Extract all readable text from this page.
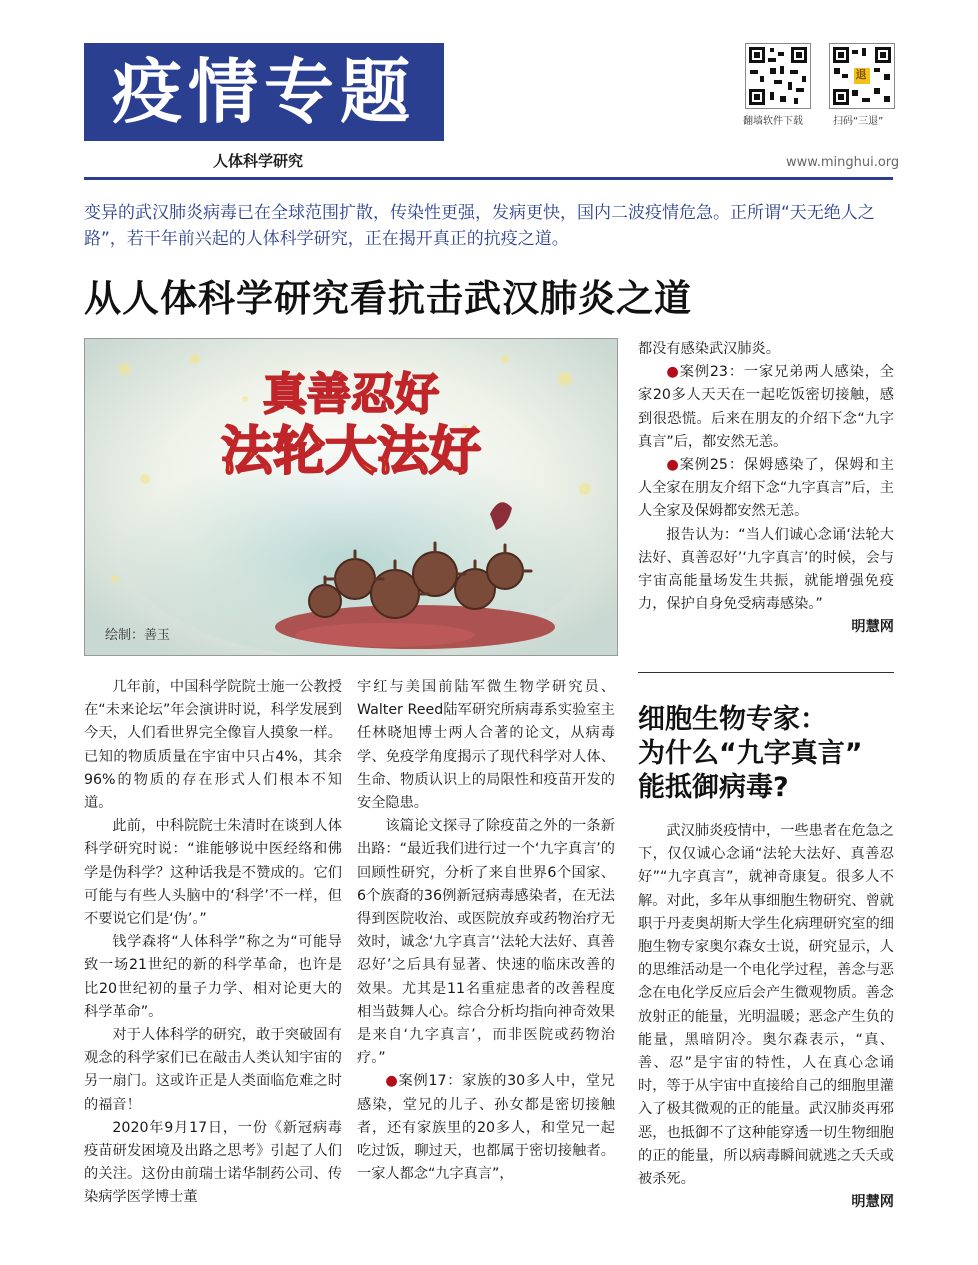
疫情专题
人体科学研究
翻墙软件下载
退
扫码“三退”
www.minghui.org
变异的武汉肺炎病毒已在全球范围扩散，传染性更强，发病更快，国内二波疫情危急。正所谓“天无绝人之路”，若干年前兴起的人体科学研究，正在揭开真正的抗疫之道。
从人体科学研究看抗击武汉肺炎之道
真善忍好
法轮大法好
绘制：善玉

几年前，中国科学院院士施一公教授在“未来论坛”年会演讲时说，科学发展到今天，人们看世界完全像盲人摸象一样。已知的物质质量在宇宙中只占4%，其余96%的物质的存在形式人们根本不知道。

此前，中科院院士朱清时在谈到人体科学研究时说：“谁能够说中医经络和佛学是伪科学？这种话我是不赞成的。它们可能与有些人头脑中的‘科学’不一样，但不要说它们是‘伪’。”

钱学森将“人体科学”称之为“可能导致一场21世纪的新的科学革命，也许是比20世纪初的量子力学、相对论更大的科学革命”。

对于人体科学的研究，敢于突破固有观念的科学家们已在敲击人类认知宇宙的另一扇门。这或许正是人类面临危难之时的福音！

2020年9月17日，一份《新冠病毒疫苗研发困境及出路之思考》引起了人们的关注。这份由前瑞士诺华制药公司、传染病学医学博士董

宇红与美国前陆军微生物学研究员、Walter Reed陆军研究所病毒系实验室主任林晓旭博士两人合著的论文，从病毒学、免疫学角度揭示了现代科学对人体、生命、物质认识上的局限性和疫苗开发的安全隐患。

该篇论文探寻了除疫苗之外的一条新出路：“最近我们进行过一个‘九字真言’的回顾性研究，分析了来自世界6个国家、6个族裔的36例新冠病毒感染者，在无法得到医院收治、或医院放弃或药物治疗无效时，诚念‘九字真言’‘法轮大法好、真善忍好’之后具有显著、快速的临床改善的效果。尤其是11名重症患者的改善程度相当鼓舞人心。综合分析均指向神奇效果是来自‘九字真言’，而非医院或药物治疗。”

●案例17：家族的30多人中，堂兄感染，堂兄的儿子、孙女都是密切接触者，还有家族里的20多人，和堂兄一起吃过饭，聊过天，也都属于密切接触者。一家人都念“九字真言”，

都没有感染武汉肺炎。

●案例23：一家兄弟两人感染，全家20多人天天在一起吃饭密切接触，感到很恐慌。后来在朋友的介绍下念“九字真言”后，都安然无恙。

●案例25：保姆感染了，保姆和主人全家在朋友介绍下念“九字真言”后，主人全家及保姆都安然无恙。

报告认为：“当人们诚心念诵‘法轮大法好、真善忍好’‘九字真言’的时候，会与宇宙高能量场发生共振，就能增强免疫力，保护自身免受病毒感染。”

明慧网
细胞生物专家：
为什么“九字真言”
能抵御病毒?

武汉肺炎疫情中，一些患者在危急之下，仅仅诚心念诵“法轮大法好、真善忍好”“九字真言”，就神奇康复。很多人不解。对此，多年从事细胞生物研究、曾就职于丹麦奥胡斯大学生化病理研究室的细胞生物专家奥尔森女士说，研究显示，人的思维活动是一个电化学过程，善念与恶念在电化学反应后会产生微观物质。善念放射正的能量，光明温暖；恶念产生负的能量，黑暗阴冷。奥尔森表示，“真、善、忍”是宇宙的特性，人在真心念诵时，等于从宇宙中直接给自己的细胞里灌入了极其微观的正的能量。武汉肺炎再邪恶，也抵御不了这种能穿透一切生物细胞的正的能量，所以病毒瞬间就逃之夭夭或被杀死。

明慧网
